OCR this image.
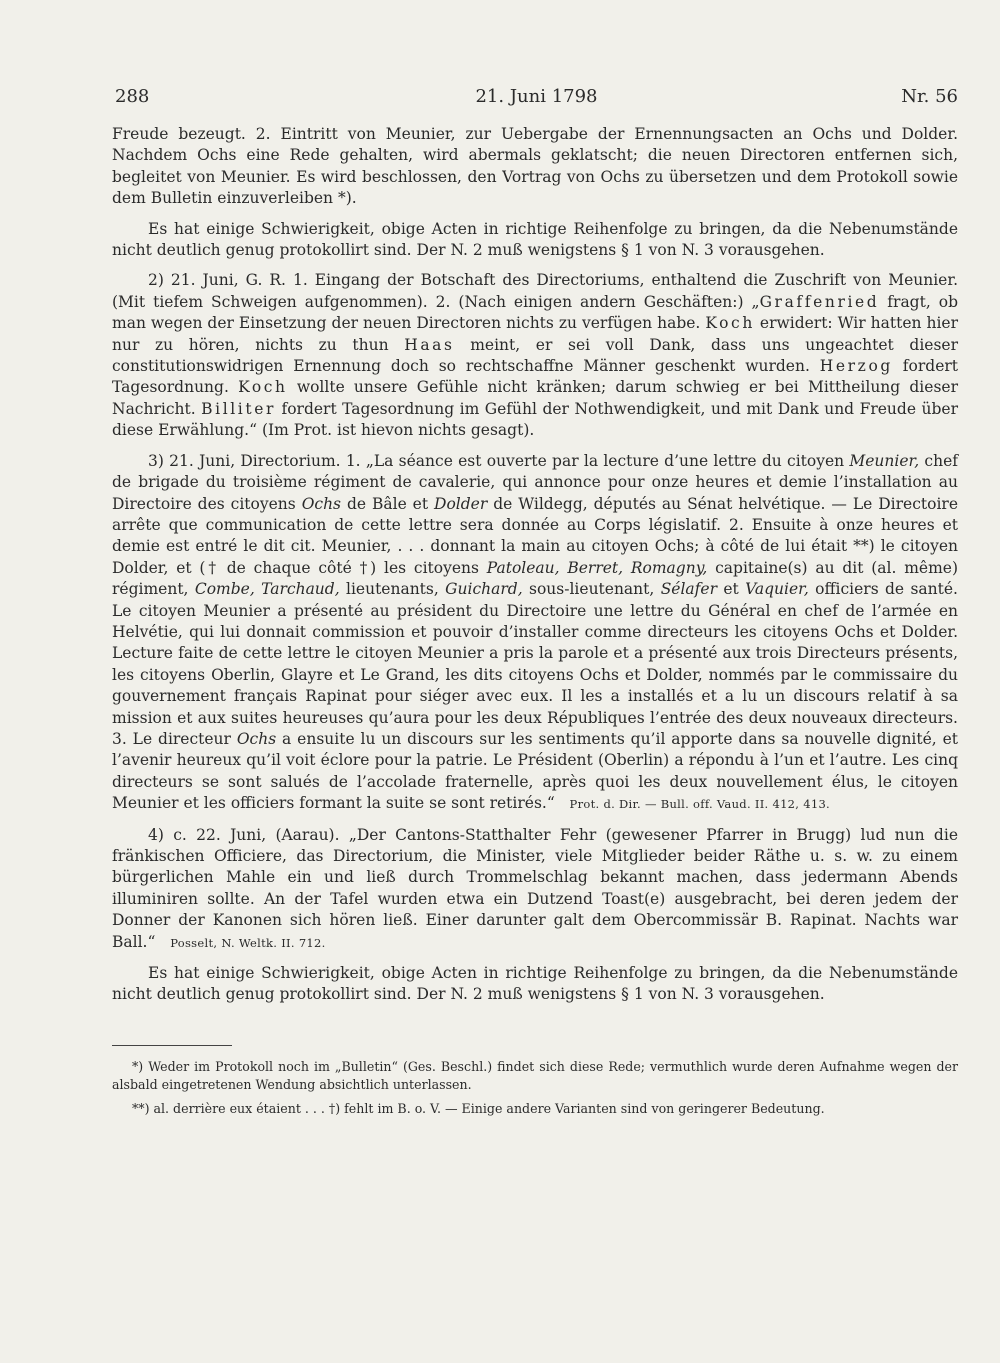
288	21. Juni 1798	Nr. 56

Freude bezeugt. 2. Eintritt von Meunier, zur Uebergabe der Ernennungsacten an Ochs und Dolder. Nachdem Ochs eine Rede gehalten, wird abermals geklatscht; die neuen Directoren entfernen sich, begleitet von Meunier. Es wird beschlossen, den Vortrag von Ochs zu übersetzen und dem Protokoll sowie dem Bulletin einzuverleiben *).

Es hat einige Schwierigkeit, obige Acten in richtige Reihenfolge zu bringen, da die Nebenumstände nicht deutlich genug protokollirt sind. Der N. 2 muß wenigstens § 1 von N. 3 vorausgehen.

2) 21. Juni, G. R. 1. Eingang der Botschaft des Directoriums, enthaltend die Zuschrift von Meunier. (Mit tiefem Schweigen aufgenommen). 2. (Nach einigen andern Geschäften:) „Graffenried fragt, ob man wegen der Einsetzung der neuen Directoren nichts zu verfügen habe. Koch erwidert: Wir hatten hier nur zu hören, nichts zu thun Haas meint, er sei voll Dank, dass uns ungeachtet dieser constitutionswidrigen Ernennung doch so rechtschaffne Männer geschenkt wurden. Herzog fordert Tagesordnung. Koch wollte unsere Gefühle nicht kränken; darum schwieg er bei Mittheilung dieser Nachricht. Billiter fordert Tagesordnung im Gefühl der Nothwendigkeit, und mit Dank und Freude über diese Erwählung.“ (Im Prot. ist hievon nichts gesagt).

3) 21. Juni, Directorium. 1. „La séance est ouverte par la lecture d’une lettre du citoyen Meunier, chef de brigade du troisième régiment de cavalerie, qui annonce pour onze heures et demie l’installation au Directoire des citoyens Ochs de Bâle et Dolder de Wildegg, députés au Sénat helvétique. — Le Directoire arrête que communication de cette lettre sera donnée au Corps législatif. 2. Ensuite à onze heures et demie est entré le dit cit. Meunier, . . . donnant la main au citoyen Ochs; à côté de lui était **) le citoyen Dolder, et († de chaque côté †) les citoyens Patoleau, Berret, Romagny, capitaine(s) au dit (al. même) régiment, Combe, Tarchaud, lieutenants, Guichard, sous-lieutenant, Sélafer et Vaquier, officiers de santé. Le citoyen Meunier a présenté au président du Directoire une lettre du Général en chef de l’armée en Helvétie, qui lui donnait commission et pouvoir d’installer comme directeurs les citoyens Ochs et Dolder. Lecture faite de cette lettre le citoyen Meunier a pris la parole et a présenté aux trois Directeurs présents, les citoyens Oberlin, Glayre et Le Grand, les dits citoyens Ochs et Dolder, nommés par le commissaire du gouvernement français Rapinat pour siéger avec eux. Il les a installés et a lu un discours relatif à sa mission et aux suites heureuses qu’aura pour les deux Républiques l’entrée des deux nouveaux directeurs. 3. Le directeur Ochs a ensuite lu un discours sur les sentiments qu’il apporte dans sa nouvelle dignité, et l’avenir heureux qu’il voit éclore pour la patrie. Le Président (Oberlin) a répondu à l’un et l’autre. Les cinq directeurs se sont salués de l’accolade fraternelle, après quoi les deux nouvellement élus, le citoyen Meunier et les officiers formant la suite se sont retirés.“ Prot. d. Dir. — Bull. off. Vaud. II. 412, 413.

4) c. 22. Juni, (Aarau). „Der Cantons-Statthalter Fehr (gewesener Pfarrer in Brugg) lud nun die fränkischen Officiere, das Directorium, die Minister, viele Mitglieder beider Räthe u. s. w. zu einem bürgerlichen Mahle ein und ließ durch Trommelschlag bekannt machen, dass jedermann Abends illuminiren sollte. An der Tafel wurden etwa ein Dutzend Toast(e) ausgebracht, bei deren jedem der Donner der Kanonen sich hören ließ. Einer darunter galt dem Obercommissär B. Rapinat. Nachts war Ball.“ Posselt, N. Weltk. II. 712.

Es hat einige Schwierigkeit, obige Acten in richtige Reihenfolge zu bringen, da die Nebenumstände nicht deutlich genug protokollirt sind. Der N. 2 muß wenigstens § 1 von N. 3 vorausgehen.

*) Weder im Protokoll noch im „Bulletin“ (Ges. Beschl.) findet sich diese Rede; vermuthlich wurde deren Aufnahme wegen der alsbald eingetretenen Wendung absichtlich unterlassen.

**) al. derrière eux étaient . . . †) fehlt im B. o. V. — Einige andere Varianten sind von geringerer Bedeutung.
